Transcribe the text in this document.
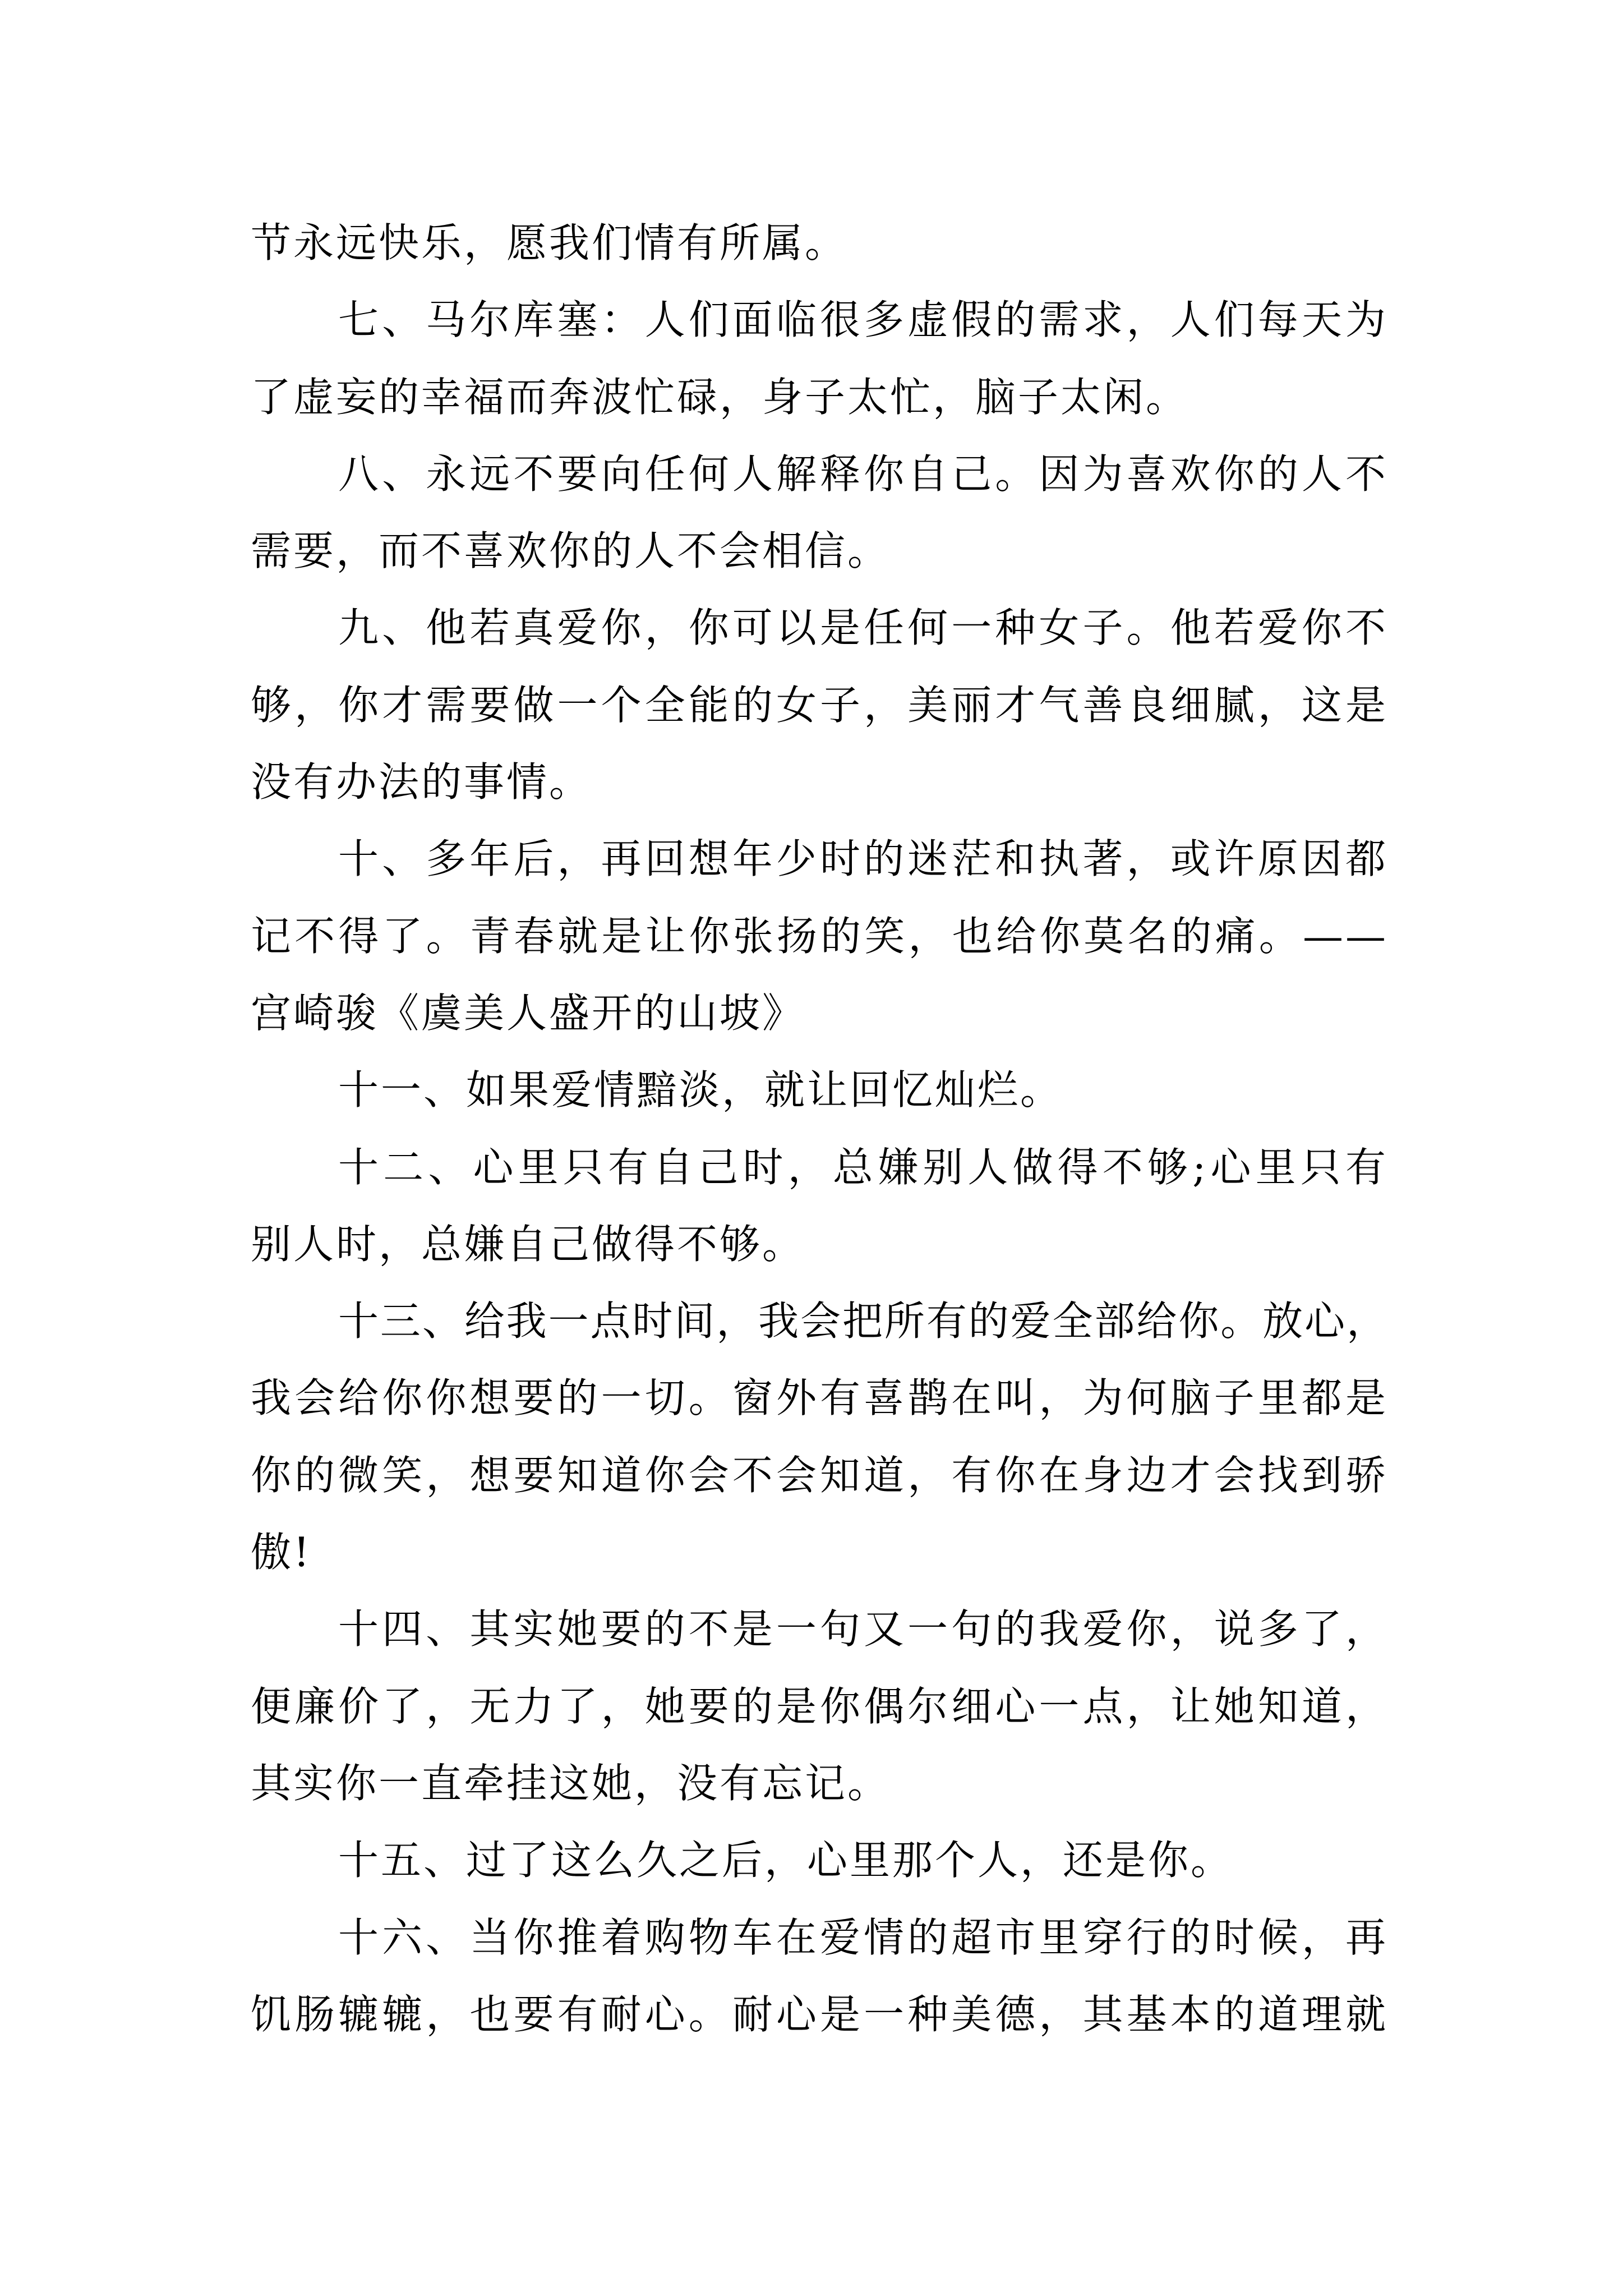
节永远快乐，愿我们情有所属。
七、马尔库塞：人们面临很多虚假的需求，人们每天为
了虚妄的幸福而奔波忙碌，身子太忙，脑子太闲。
八、永远不要向任何人解释你自己。因为喜欢你的人不
需要，而不喜欢你的人不会相信。
九、他若真爱你，你可以是任何一种女子。他若爱你不
够，你才需要做一个全能的女子，美丽才气善良细腻，这是
没有办法的事情。
十、多年后，再回想年少时的迷茫和执著，或许原因都
记不得了。青春就是让你张扬的笑，也给你莫名的痛。——
宫崎骏《虞美人盛开的山坡》
十一、如果爱情黯淡，就让回忆灿烂。
十二、心里只有自己时，总嫌别人做得不够;心里只有
别人时，总嫌自己做得不够。
十三、给我一点时间，我会把所有的爱全部给你。放心，
我会给你你想要的一切。窗外有喜鹊在叫，为何脑子里都是
你的微笑，想要知道你会不会知道，有你在身边才会找到骄
傲!
十四、其实她要的不是一句又一句的我爱你，说多了，
便廉价了，无力了，她要的是你偶尔细心一点，让她知道，
其实你一直牵挂这她，没有忘记。
十五、过了这么久之后，心里那个人，还是你。
十六、当你推着购物车在爱情的超市里穿行的时候，再
饥肠辘辘，也要有耐心。耐心是一种美德，其基本的道理就
